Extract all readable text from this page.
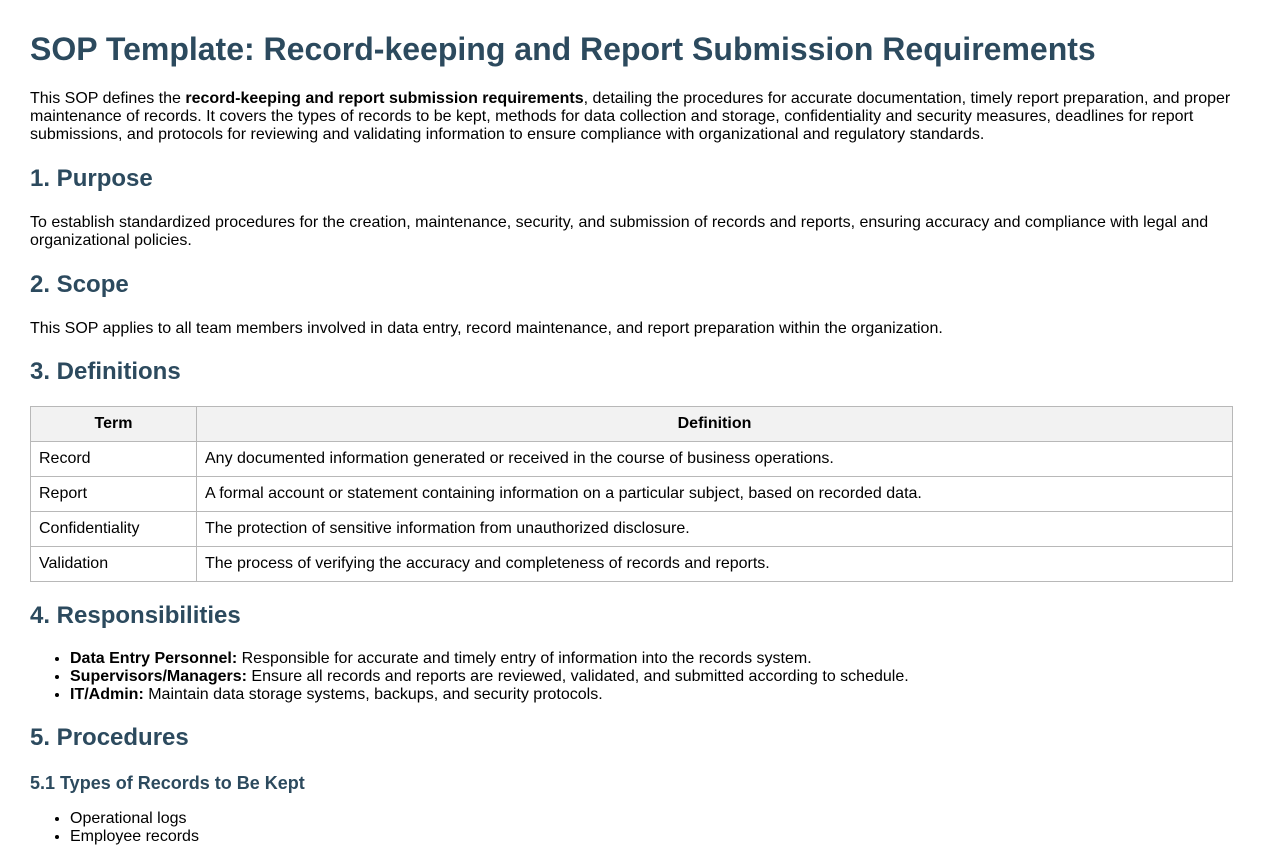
SOP Template: Record-keeping and Report Submission Requirements

This SOP defines the record-keeping and report submission requirements, detailing the procedures for accurate documentation, timely report preparation, and proper maintenance of records. It covers the types of records to be kept, methods for data collection and storage, confidentiality and security measures, deadlines for report submissions, and protocols for reviewing and validating information to ensure compliance with organizational and regulatory standards.

1. Purpose

To establish standardized procedures for the creation, maintenance, security, and submission of records and reports, ensuring accuracy and compliance with legal and organizational policies.

2. Scope

This SOP applies to all team members involved in data entry, record maintenance, and report preparation within the organization.

3. Definitions
Term	Definition
Record	Any documented information generated or received in the course of business operations.
Report	A formal account or statement containing information on a particular subject, based on recorded data.
Confidentiality	The protection of sensitive information from unauthorized disclosure.
Validation	The process of verifying the accuracy and completeness of records and reports.
4. Responsibilities
• Data Entry Personnel: Responsible for accurate and timely entry of information into the records system.
• Supervisors/Managers: Ensure all records and reports are reviewed, validated, and submitted according to schedule.
• IT/Admin: Maintain data storage systems, backups, and security protocols.
5. Procedures
5.1 Types of Records to Be Kept
• Operational logs
• Employee records
